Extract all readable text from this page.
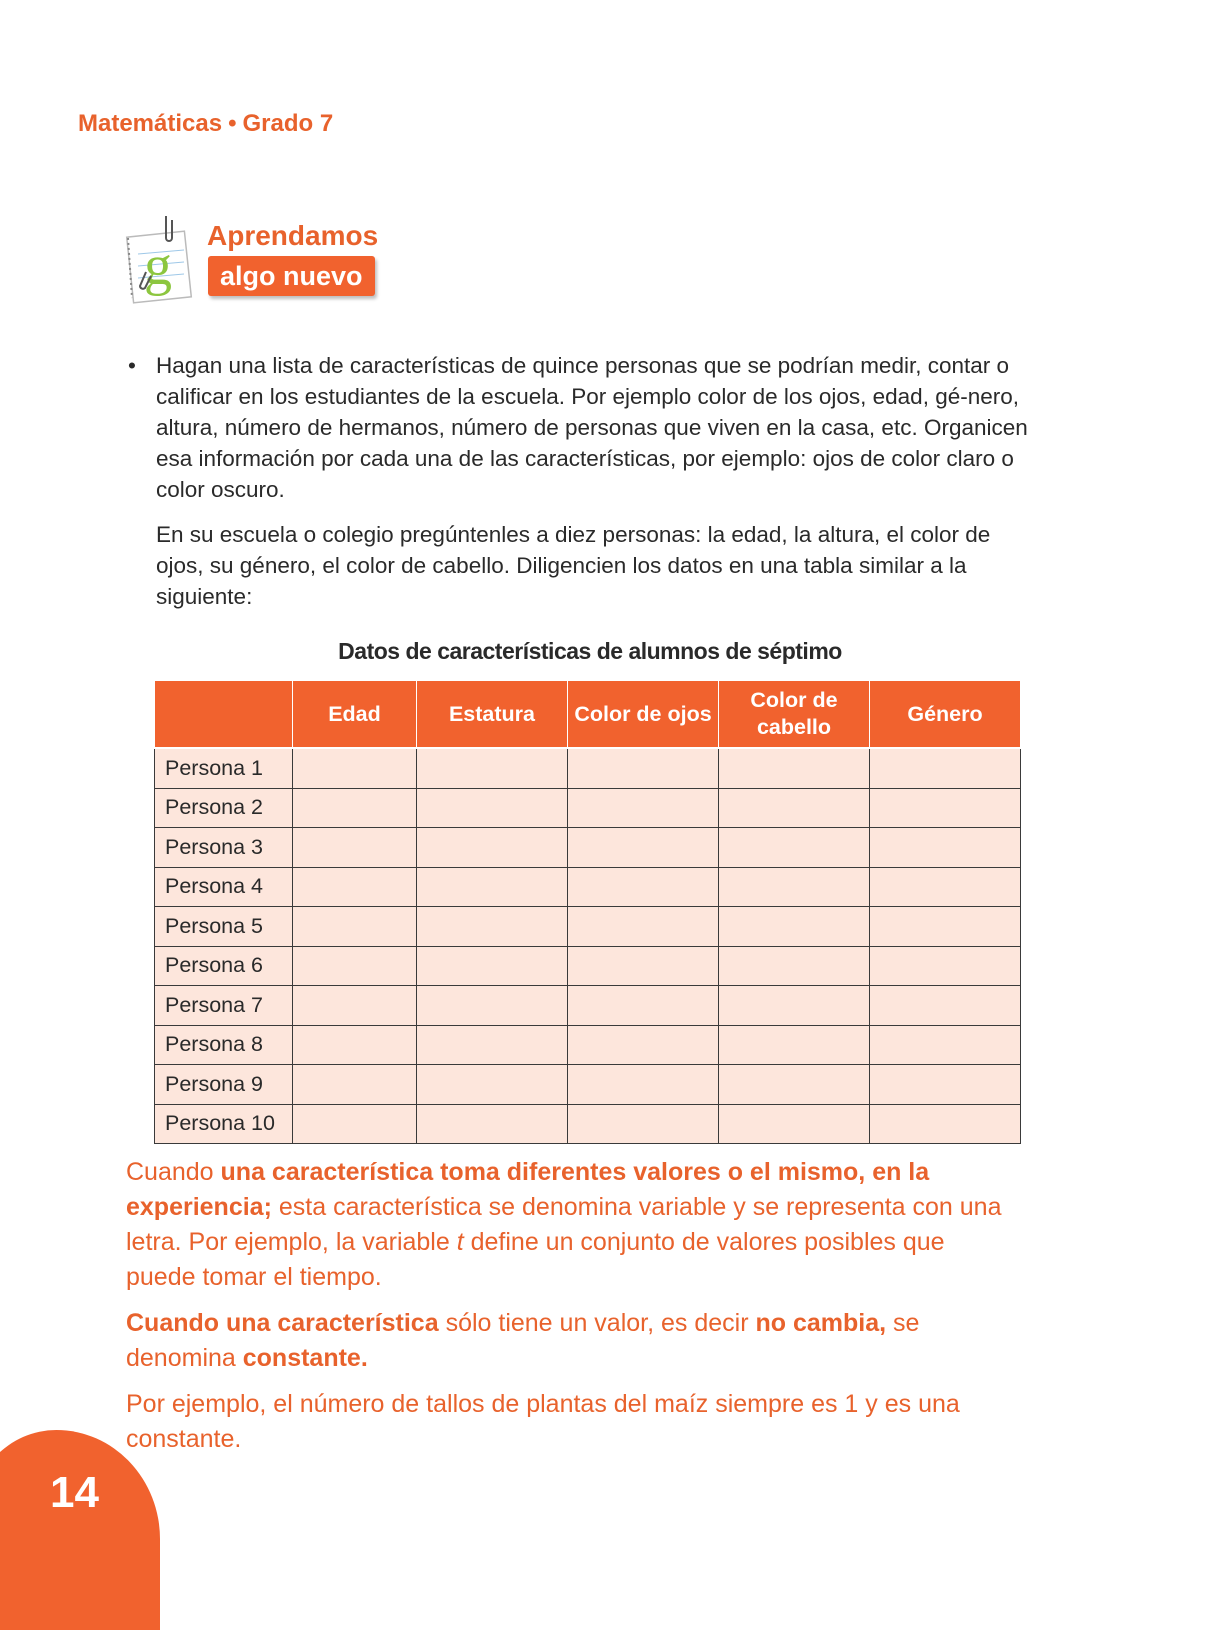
Matemáticas • Grado 7
g Aprendamos
algo nuevo
• Hagan una lista de características de quince personas que se podrían medir, contar o calificar en los estudiantes de la escuela. Por ejemplo color de los ojos, edad, gé-nero, altura, número de hermanos, número de personas que viven en la casa, etc. Organicen esa información por cada una de las características, por ejemplo: ojos de color claro o color oscuro.
En su escuela o colegio pregúntenles a diez personas: la edad, la altura, el color de ojos, su género, el color de cabello. Diligencien los datos en una tabla similar a la siguiente:
Datos de características de alumnos de séptimo
	Edad	Estatura	Color de ojos	Color de cabello	Género
Persona 1					
Persona 2					
Persona 3					
Persona 4					
Persona 5					
Persona 6					
Persona 7					
Persona 8					
Persona 9					
Persona 10					
Cuando una característica toma diferentes valores o el mismo, en la experiencia; esta característica se denomina variable y se representa con una letra. Por ejemplo, la variable t define un conjunto de valores posibles que puede tomar el tiempo.
Cuando una característica sólo tiene un valor, es decir no cambia, se denomina constante.
Por ejemplo, el número de tallos de plantas del maíz siempre es 1 y es una constante.
14
